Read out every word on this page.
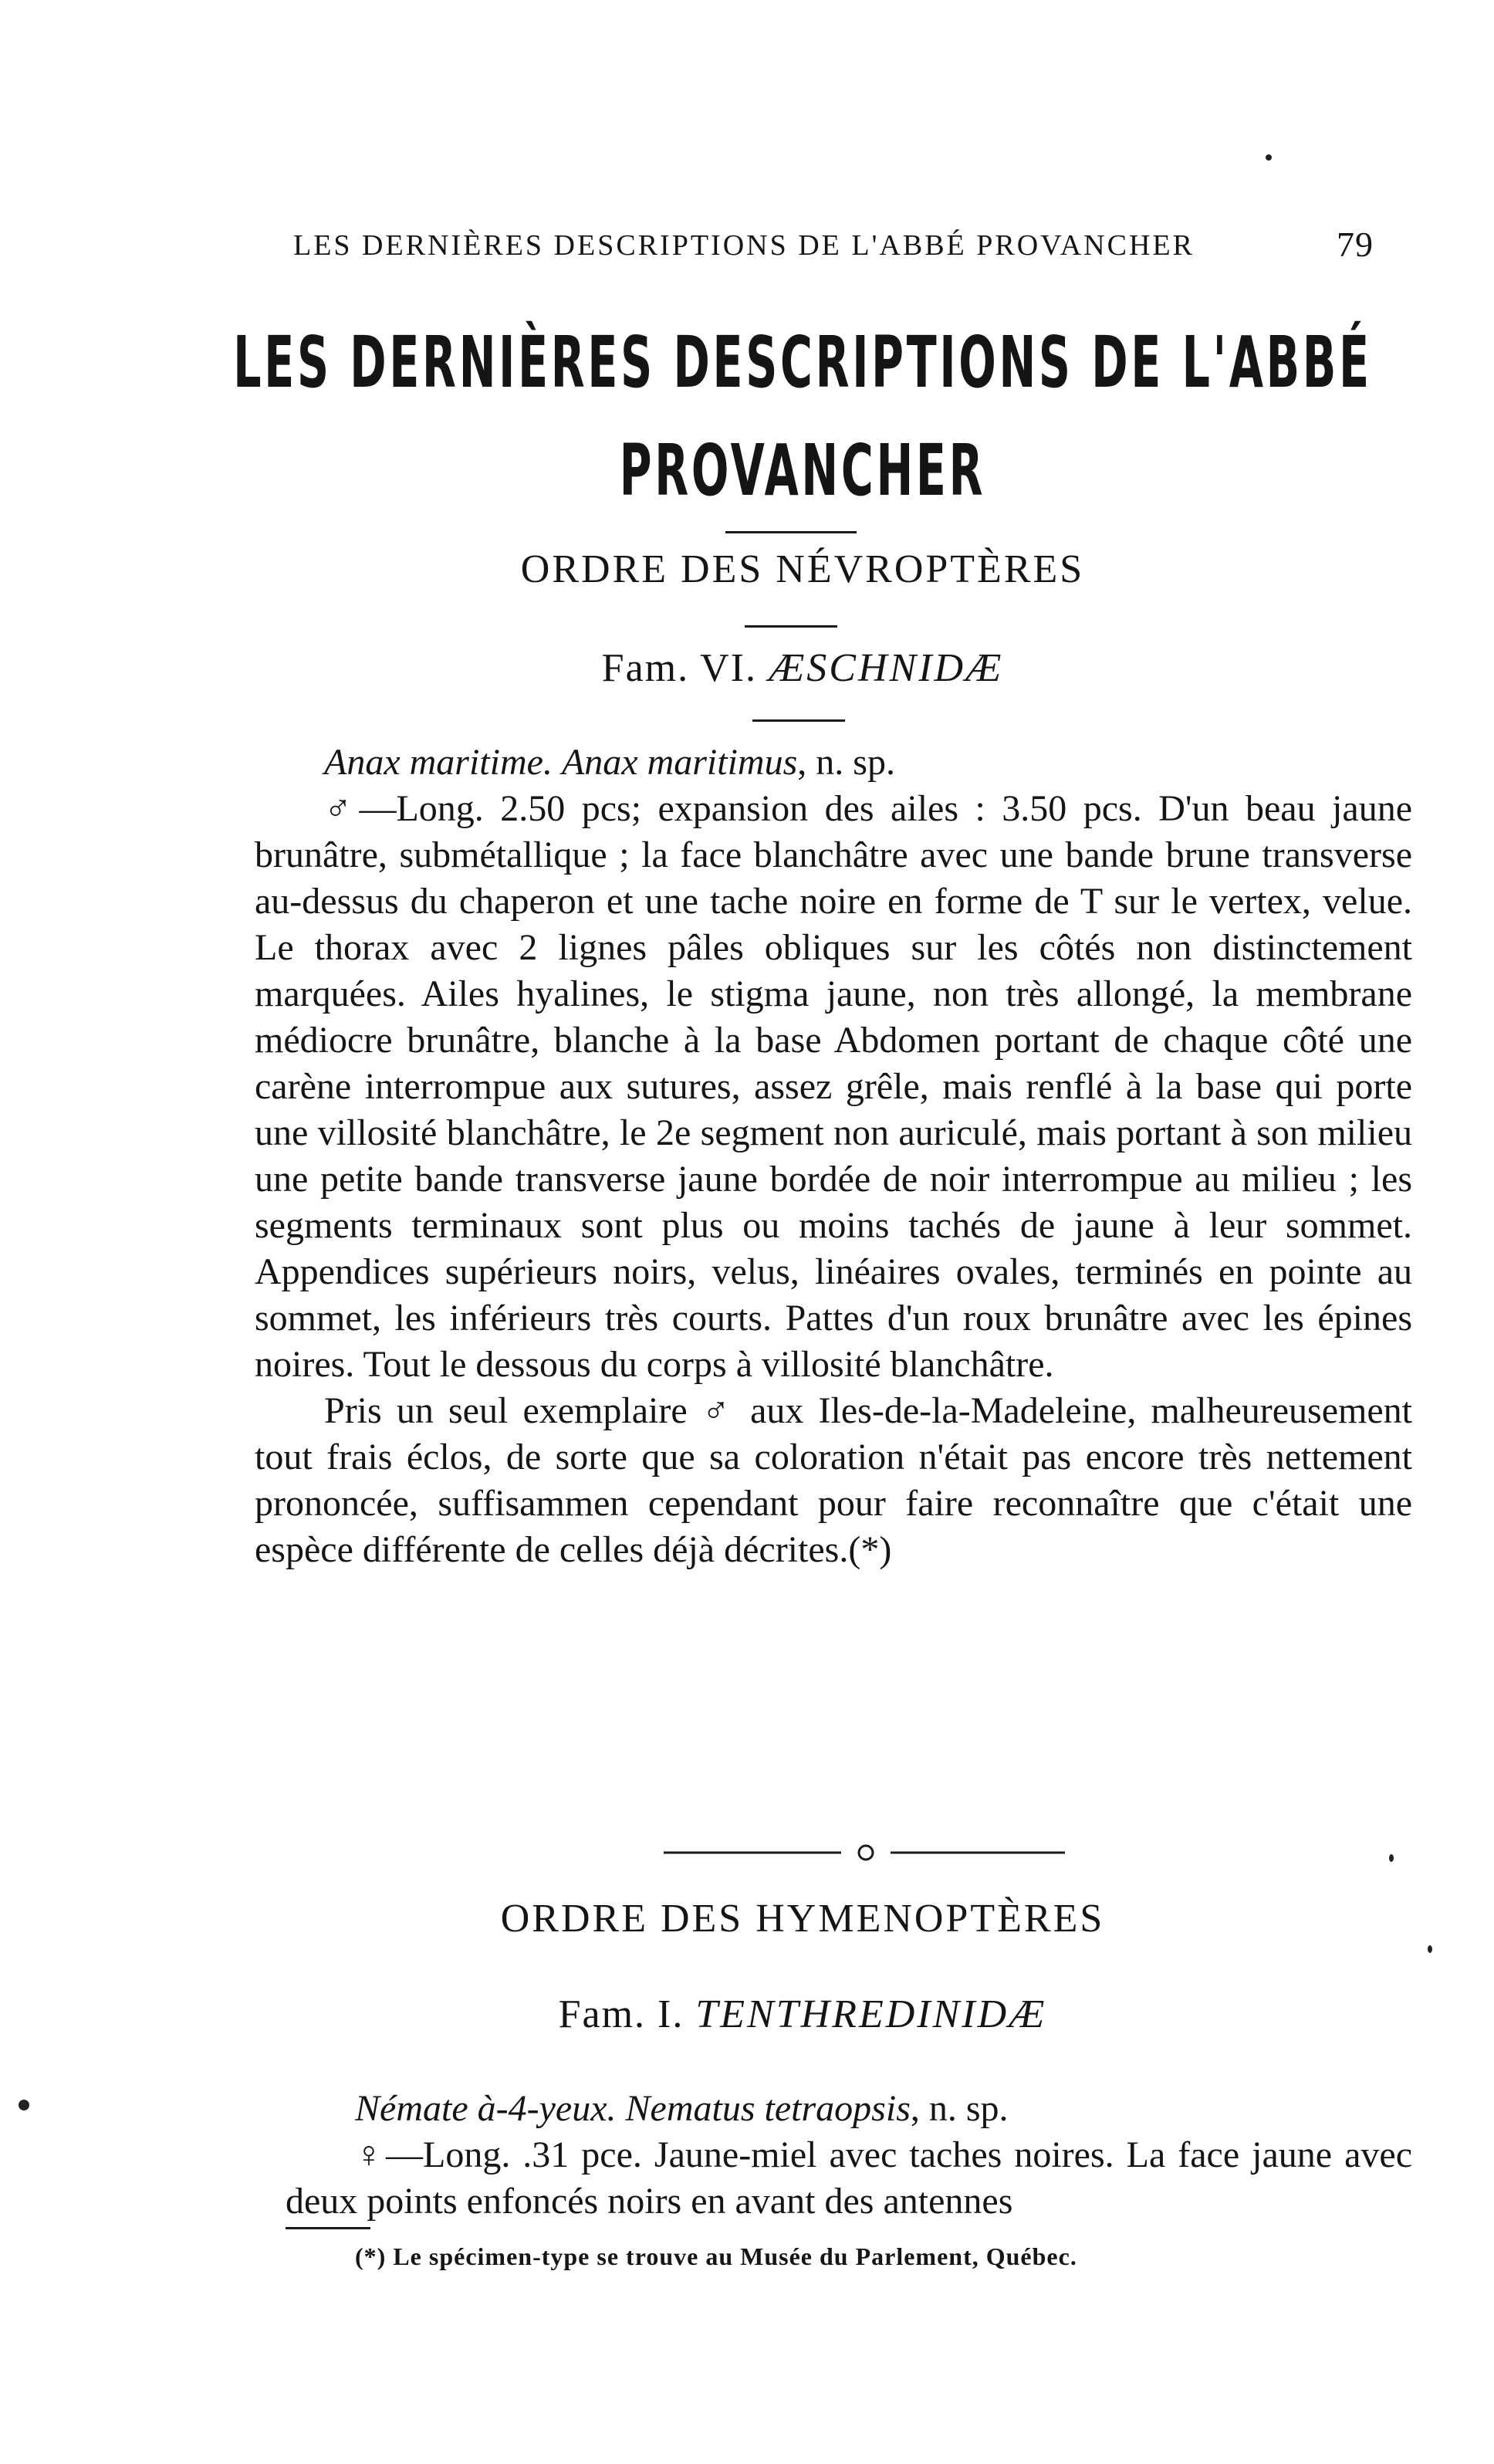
LES DERNIÈRES DESCRIPTIONS DE L'ABBÉ PROVANCHER	79
LES DERNIÈRES DESCRIPTIONS DE L'ABBÉ
PROVANCHER
ORDRE DES NÉVROPTÈRES
Fam. VI. ÆSCHNIDÆ

Anax maritime. Anax maritimus, n. sp.

♂—Long. 2.50 pcs; expansion des ailes : 3.50 pcs. D'un beau jaune brunâtre, submétallique ; la face blanchâtre avec une bande brune transverse au-dessus du chaperon et une tache noire en forme de T sur le vertex, velue. Le thorax avec 2 lignes pâles obliques sur les côtés non distinctement marquées. Ailes hyalines, le stigma jaune, non très allongé, la membrane médiocre brunâtre, blanche à la base Abdomen portant de chaque côté une carène interrompue aux sutures, assez grêle, mais renflé à la base qui porte une villosité blanchâtre, le 2e segment non auriculé, mais portant à son milieu une petite bande transverse jaune bordée de noir interrompue au milieu ; les segments terminaux sont plus ou moins tachés de jaune à leur sommet. Appendices supérieurs noirs, velus, linéaires ovales, terminés en pointe au sommet, les inférieurs très courts. Pattes d'un roux brunâtre avec les épines noires. Tout le dessous du corps à villosité blanchâtre.

Pris un seul exemplaire ♂ aux Iles-de-la-Madeleine, malheureusement tout frais éclos, de sorte que sa coloration n'était pas encore très nettement prononcée, suffisammen cependant pour faire reconnaître que c'était une espèce différente de celles déjà décrites.(*)

ORDRE DES HYMENOPTÈRES
Fam. I. TENTHREDINIDÆ

Némate à-4-yeux. Nematus tetraopsis, n. sp.

♀—Long. .31 pce. Jaune-miel avec taches noires. La face jaune avec deux points enfoncés noirs en avant des antennes

(*) Le spécimen-type se trouve au Musée du Parlement, Québec.
